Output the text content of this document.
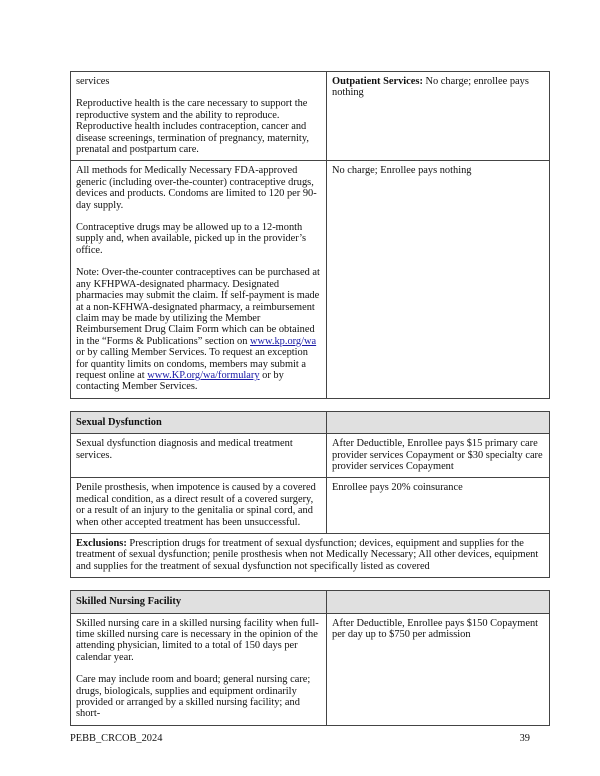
services

Reproductive health is the care necessary to support the reproductive system and the ability to reproduce. Reproductive health includes contraception, cancer and disease screenings, termination of pregnancy, maternity, prenatal and postpartum care.	Outpatient Services: No charge; enrollee pays nothing

All methods for Medically Necessary FDA-approved generic (including over-the-counter) contraceptive drugs, devices and products. Condoms are limited to 120 per 90-day supply.

Contraceptive drugs may be allowed up to a 12-month supply and, when available, picked up in the provider’s office.

Note: Over-the-counter contraceptives can be purchased at any KFHPWA-designated pharmacy. Designated pharmacies may submit the claim. If self-payment is made at a non-KFHWA-designated pharmacy, a reimbursement claim may be made by utilizing the Member Reimbursement Drug Claim Form which can be obtained in the “Forms & Publications” section on www.kp.org/wa or by calling Member Services. To request an exception for quantity limits on condoms, members may submit a request online at www.KP.org/wa/formulary or by contacting Member Services.	No charge; Enrollee pays nothing
Sexual Dysfunction	
Sexual dysfunction diagnosis and medical treatment services.	After Deductible, Enrollee pays $15 primary care provider services Copayment or $30 specialty care provider services Copayment
Penile prosthesis, when impotence is caused by a covered medical condition, as a direct result of a covered surgery, or a result of an injury to the genitalia or spinal cord, and when other accepted treatment has been unsuccessful.	Enrollee pays 20% coinsurance
Exclusions: Prescription drugs for treatment of sexual dysfunction; devices, equipment and supplies for the treatment of sexual dysfunction; penile prosthesis when not Medically Necessary; All other devices, equipment and supplies for the treatment of sexual dysfunction not specifically listed as covered	
Skilled Nursing Facility	

Skilled nursing care in a skilled nursing facility when full-time skilled nursing care is necessary in the opinion of the attending physician, limited to a total of 150 days per calendar year.

Care may include room and board; general nursing care; drugs, biologicals, supplies and equipment ordinarily provided or arranged by a skilled nursing facility; and short-	After Deductible, Enrollee pays $150 Copayment per day up to $750 per admission
PEBB_CRCOB_2024	39
